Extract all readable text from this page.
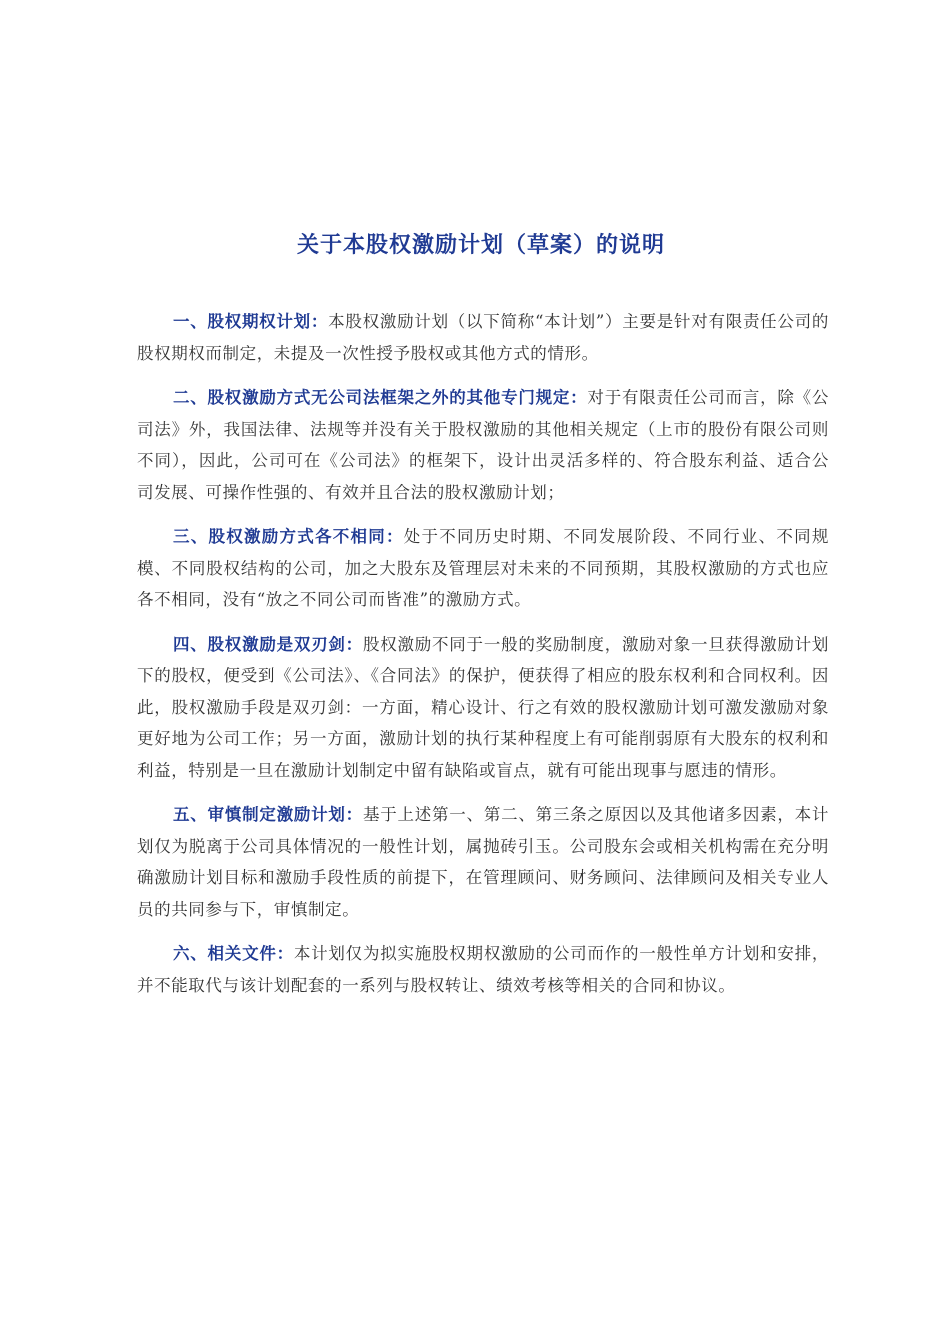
关于本股权激励计划（草案）的说明

一、股权期权计划：本股权激励计划（以下简称“本计划”）主要是针对有限责任公司的股权期权而制定，未提及一次性授予股权或其他方式的情形。

二、股权激励方式无公司法框架之外的其他专门规定：对于有限责任公司而言，除《公司法》外，我国法律、法规等并没有关于股权激励的其他相关规定（上市的股份有限公司则不同），因此，公司可在《公司法》的框架下，设计出灵活多样的、符合股东利益、适合公司发展、可操作性强的、有效并且合法的股权激励计划；

三、股权激励方式各不相同：处于不同历史时期、不同发展阶段、不同行业、不同规模、不同股权结构的公司，加之大股东及管理层对未来的不同预期，其股权激励的方式也应各不相同，没有“放之不同公司而皆准”的激励方式。

四、股权激励是双刃剑：股权激励不同于一般的奖励制度，激励对象一旦获得激励计划下的股权，便受到《公司法》、《合同法》的保护，便获得了相应的股东权利和合同权利。因此，股权激励手段是双刃剑：一方面，精心设计、行之有效的股权激励计划可激发激励对象更好地为公司工作；另一方面，激励计划的执行某种程度上有可能削弱原有大股东的权利和利益，特别是一旦在激励计划制定中留有缺陷或盲点，就有可能出现事与愿违的情形。

五、审慎制定激励计划：基于上述第一、第二、第三条之原因以及其他诸多因素，本计划仅为脱离于公司具体情况的一般性计划，属抛砖引玉。公司股东会或相关机构需在充分明确激励计划目标和激励手段性质的前提下，在管理顾问、财务顾问、法律顾问及相关专业人员的共同参与下，审慎制定。

六、相关文件：本计划仅为拟实施股权期权激励的公司而作的一般性单方计划和安排，并不能取代与该计划配套的一系列与股权转让、绩效考核等相关的合同和协议。
